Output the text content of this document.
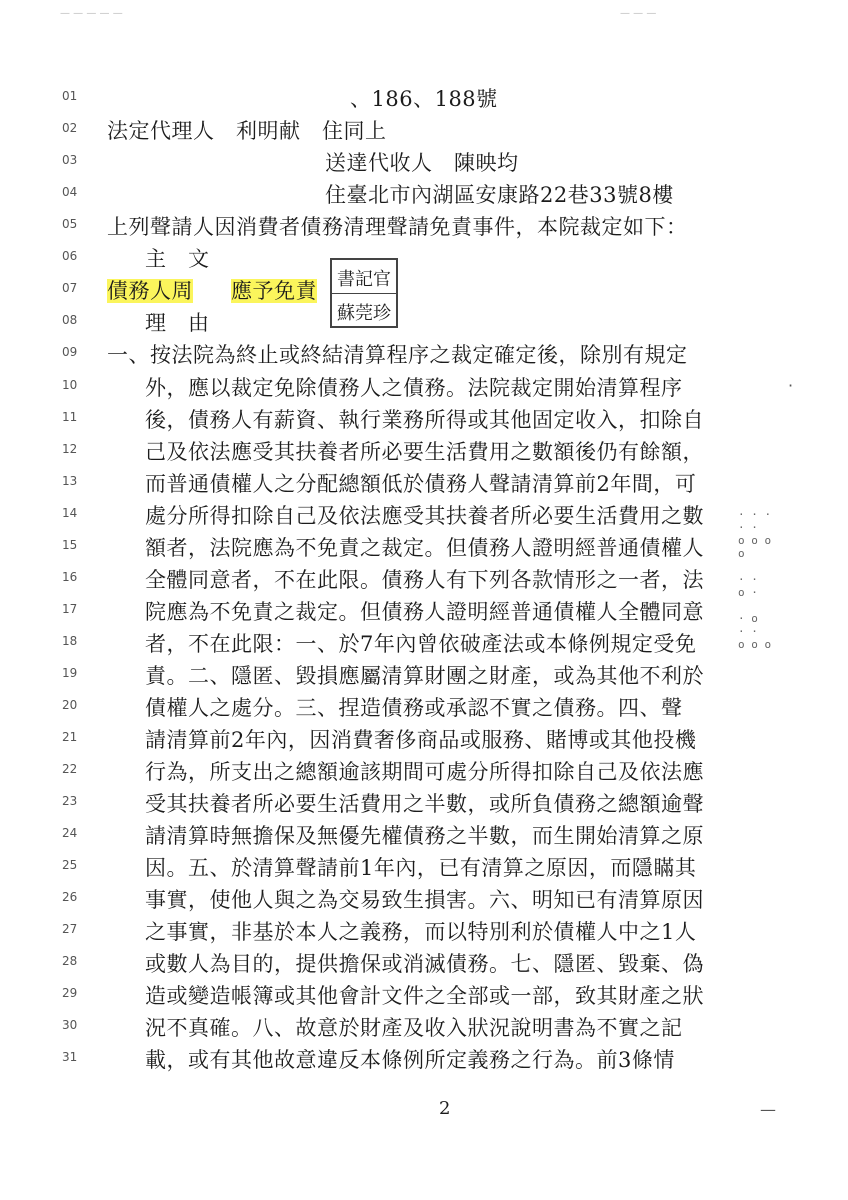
— — — — —	— — —
01
02
03
04
05
06
07
08
09
10
11
12
13
14
15
16
17
18
19
20
21
22
23
24
25
26
27
28
29
30
31
、186、188號
法定代理人　利明献　住同上
送達代收人　陳映均
住臺北市內湖區安康路22巷33號8樓
上列聲請人因消費者債務清理聲請免責事件，本院裁定如下：
主　文
債務人周 應予免責 書記官
蘇莞珍
理　由
一、按法院為終止或終結清算程序之裁定確定後，除別有規定
外，應以裁定免除債務人之債務。法院裁定開始清算程序
後，債務人有薪資、執行業務所得或其他固定收入，扣除自
己及依法應受其扶養者所必要生活費用之數額後仍有餘額，
而普通債權人之分配總額低於債務人聲請清算前2年間，可
處分所得扣除自己及依法應受其扶養者所必要生活費用之數
額者，法院應為不免責之裁定。但債務人證明經普通債權人
全體同意者，不在此限。債務人有下列各款情形之一者，法
院應為不免責之裁定。但債務人證明經普通債權人全體同意
者，不在此限：一、於7年內曾依破產法或本條例規定受免
責。二、隱匿、毀損應屬清算財團之財產，或為其他不利於
債權人之處分。三、捏造債務或承認不實之債務。四、聲
請清算前2年內，因消費奢侈商品或服務、賭博或其他投機
行為，所支出之總額逾該期間可處分所得扣除自己及依法應
受其扶養者所必要生活費用之半數，或所負債務之總額逾聲
請清算時無擔保及無優先權債務之半數，而生開始清算之原
因。五、於清算聲請前1年內，已有清算之原因，而隱瞞其
事實，使他人與之為交易致生損害。六、明知已有清算原因
之事實，非基於本人之義務，而以特別利於債權人中之1人
或數人為目的，提供擔保或消滅債務。七、隱匿、毀棄、偽
造或變造帳簿或其他會計文件之全部或一部，致其財產之狀
況不真確。八、故意於財產及收入狀況說明書為不實之記
載，或有其他故意違反本條例所定義務之行為。前3條情
· · ·
· ·
o o o o

· ·
o ·

· o
· ·
o o o
·
—
2
